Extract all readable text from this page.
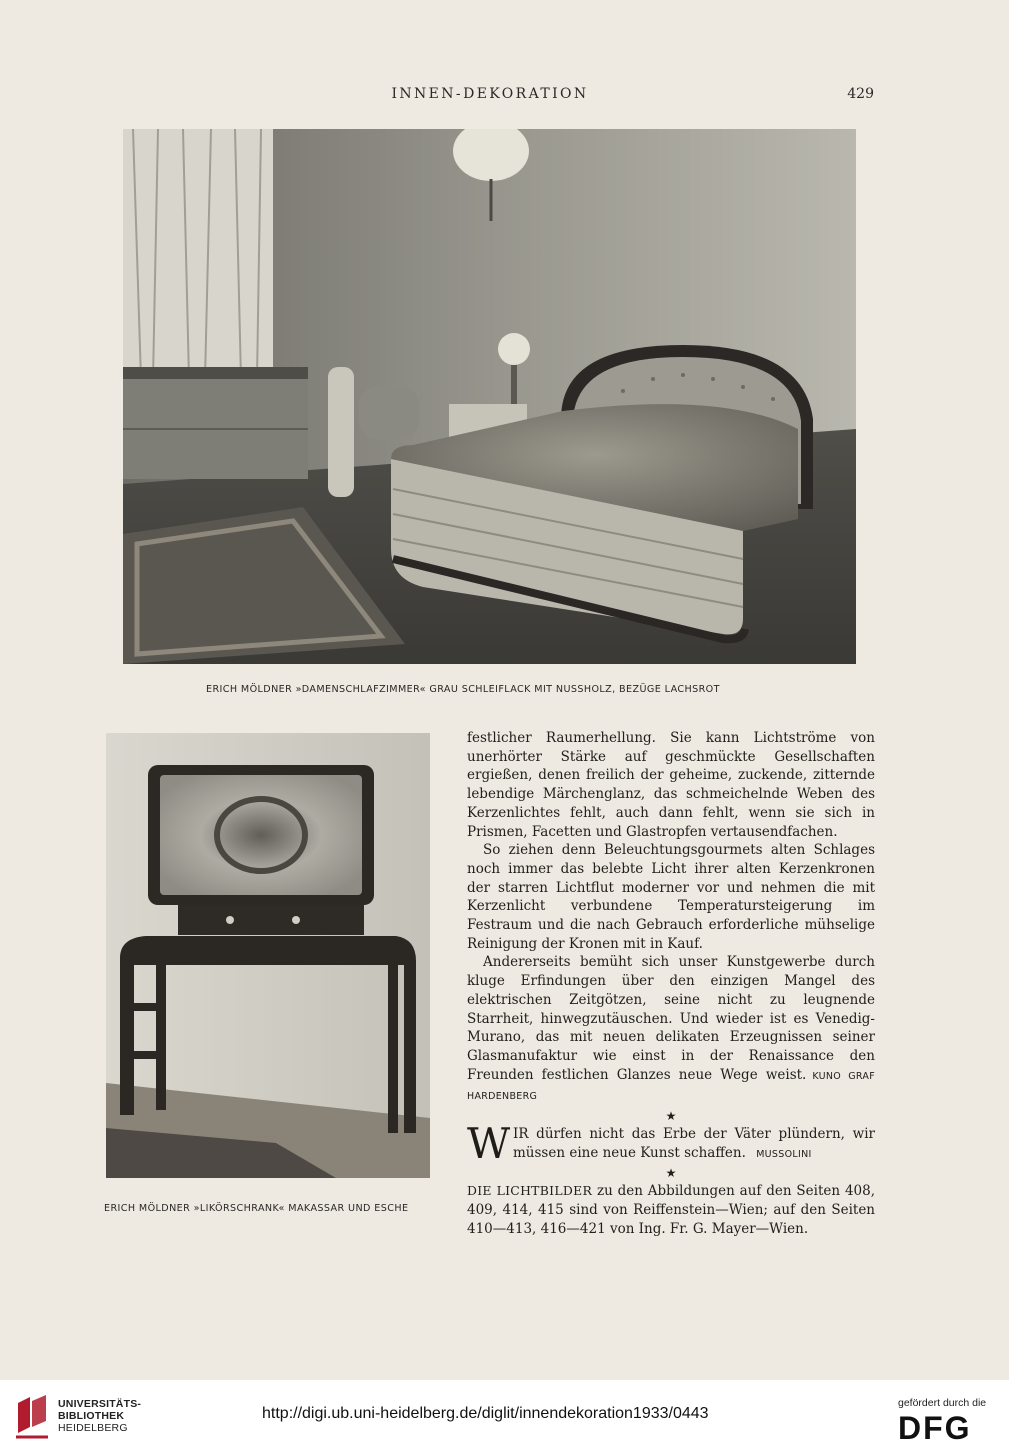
INNEN-DEKORATION	429
ERICH MÖLDNER »DAMENSCHLAFZIMMER« GRAU SCHLEIFLACK MIT NUSSHOLZ, BEZÜGE LACHSROT
ERICH MÖLDNER »LIKÖRSCHRANK« MAKASSAR UND ESCHE

festlicher Raumerhellung. Sie kann Lichtströme von unerhörter Stärke auf geschmückte Gesellschaften ergießen, denen freilich der geheime, zuckende, zitternde lebendige Märchenglanz, das schmeichelnde Weben des Kerzenlichtes fehlt, auch dann fehlt, wenn sie sich in Prismen, Facetten und Glastropfen vertausendfachen.

So ziehen denn Beleuchtungsgourmets alten Schlages noch immer das belebte Licht ihrer alten Kerzenkronen der starren Lichtflut moderner vor und nehmen die mit Kerzenlicht verbundene Temperatursteigerung im Festraum und die nach Gebrauch erforderliche mühselige Reinigung der Kronen mit in Kauf.

Andererseits bemüht sich unser Kunstgewerbe durch kluge Erfindungen über den einzigen Mangel des elektrischen Zeitgötzen, seine nicht zu leugnende Starrheit, hinwegzutäuschen. Und wieder ist es Venedig-Murano, das mit neuen delikaten Erzeugnissen seiner Glasmanufaktur wie einst in der Renaissance den Freunden festlichen Glanzes neue Wege weist. KUNO GRAF HARDENBERG

★

W IR dürfen nicht das Erbe der Väter plündern, wir müssen eine neue Kunst schaffen. MUSSOLINI

★

DIE LICHTBILDER zu den Abbildungen auf den Seiten 408, 409, 414, 415 sind von Reiffenstein—Wien; auf den Seiten 410—413, 416—421 von Ing. Fr. G. Mayer—Wien.

UNIVERSITÄTS-
BIBLIOTHEK
HEIDELBERG
http://digi.ub.uni-heidelberg.de/diglit/innendekoration1933/0443
gefördert durch die
DFG
